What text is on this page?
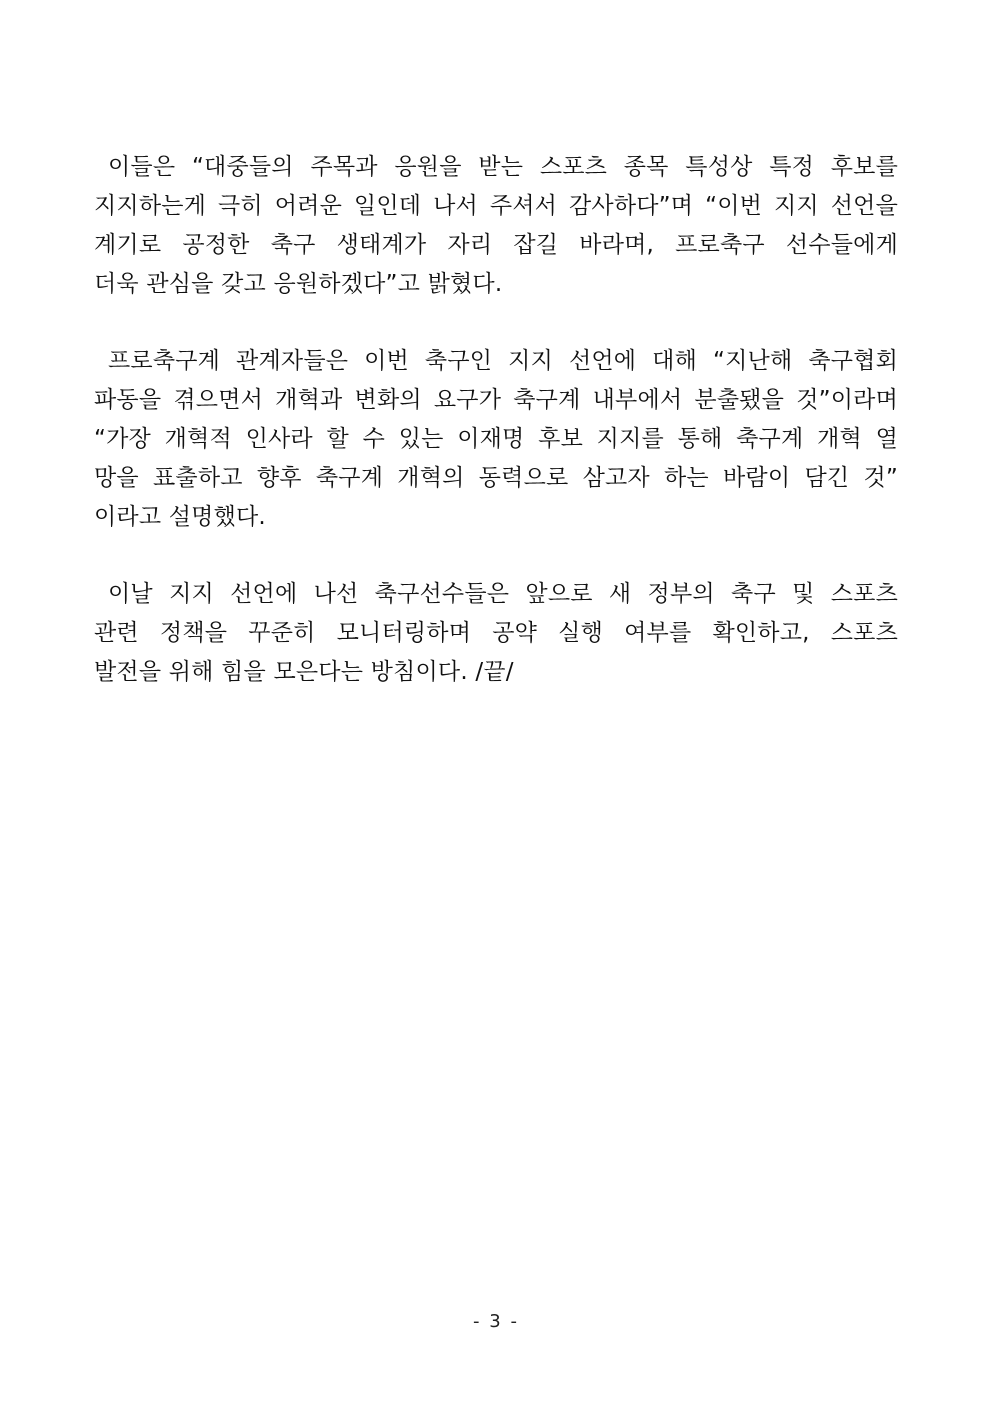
이들은 “대중들의 주목과 응원을 받는 스포츠 종목 특성상 특정 후보를
지지하는게 극히 어려운 일인데 나서 주셔서 감사하다”며 “이번 지지 선언을
계기로 공정한 축구 생태계가 자리 잡길 바라며, 프로축구 선수들에게
더욱 관심을 갖고 응원하겠다”고 밝혔다.

프로축구계 관계자들은 이번 축구인 지지 선언에 대해 “지난해 축구협회
파동을 겪으면서 개혁과 변화의 요구가 축구계 내부에서 분출됐을 것”이라며
“가장 개혁적 인사라 할 수 있는 이재명 후보 지지를 통해 축구계 개혁 열
망을 표출하고 향후 축구계 개혁의 동력으로 삼고자 하는 바람이 담긴 것”
이라고 설명했다.

이날 지지 선언에 나선 축구선수들은 앞으로 새 정부의 축구 및 스포츠
관련 정책을 꾸준히 모니터링하며 공약 실행 여부를 확인하고, 스포츠
발전을 위해 힘을 모은다는 방침이다. /끝/

- 3 -
